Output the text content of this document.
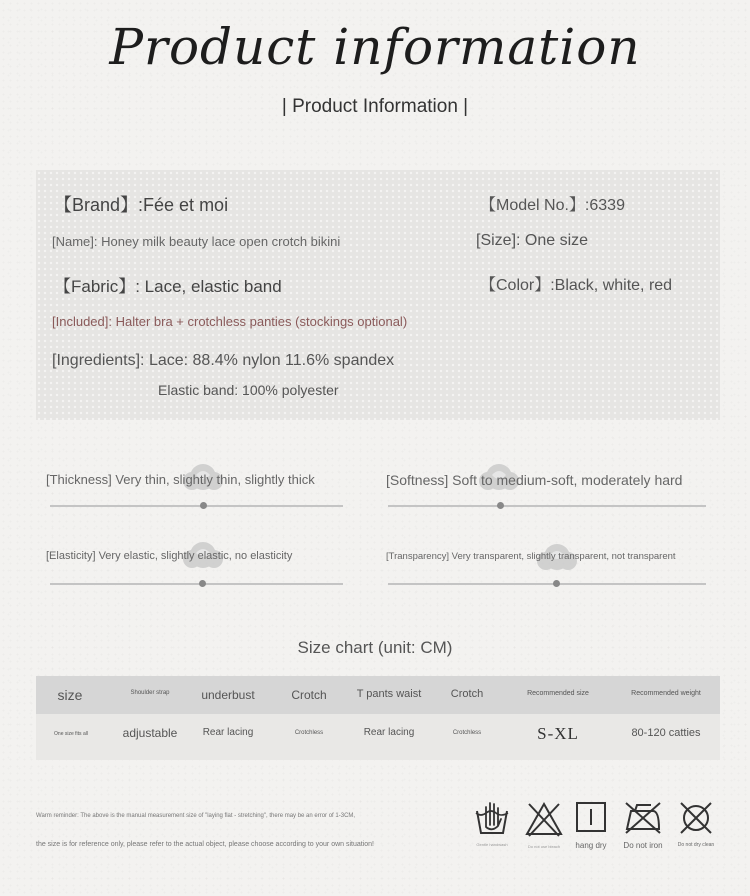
Product information
| Product Information |
【Brand】:Fée et moi	【Model No.】:6339
[Name]: Honey milk beauty lace open crotch bikini	[Size]: One size
【Fabric】: Lace, elastic band	【Color】:Black, white, red
[Included]: Halter bra + crotchless panties (stockings optional)
[Ingredients]: Lace: 88.4% nylon 11.6% spandex
Elastic band: 100% polyester
[Thickness] Very thin, slightly thin, slightly thick	[Softness] Soft to medium-soft, moderately hard
[Elasticity] Very elastic, slightly elastic, no elasticity	[Transparency] Very transparent, slightly transparent, not transparent
Size chart (unit: CM)
size	Shoulder strap	underbust	Crotch	T pants waist	Crotch	Recommended size	Recommended weight
One size fits all	adjustable	Rear lacing	Crotchless	Rear lacing	Crotchless	S-XL	80-120 catties
Warm reminder: The above is the manual measurement size of "laying flat - stretching", there may be an error of 1-3CM,
the size is for reference only, please refer to the actual object, please choose according to your own situation!	Gentle handwash	Do not use bleach	hang dry	Do not iron	Do not dry clean
